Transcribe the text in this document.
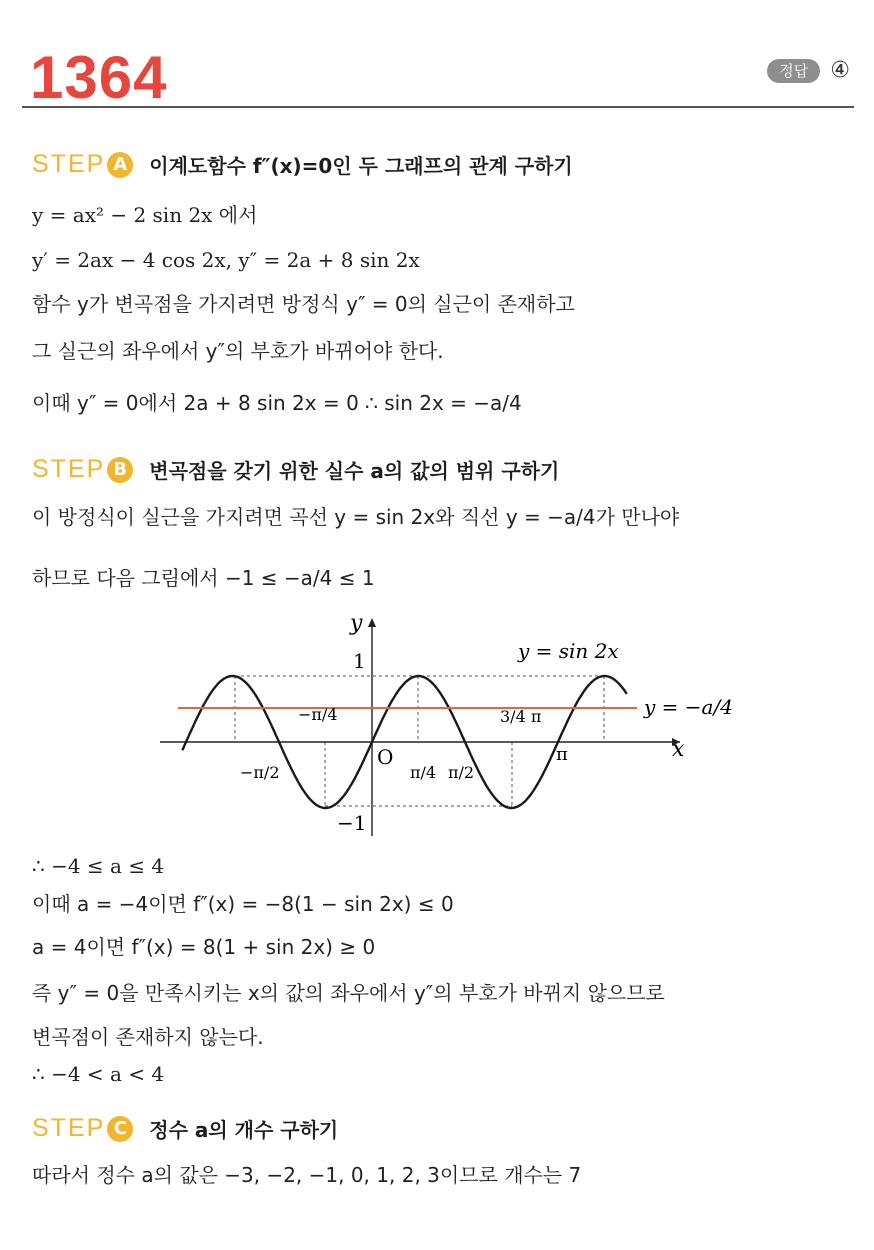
1364	정답	④
STEP A	이계도함수 f″(x)=0인 두 그래프의 관계 구하기
y = ax² − 2 sin 2x 에서
y′ = 2ax − 4 cos 2x, y″ = 2a + 8 sin 2x
함수 y가 변곡점을 가지려면 방정식 y″ = 0의 실근이 존재하고
그 실근의 좌우에서 y″의 부호가 바뀌어야 한다.
이때 y″ = 0에서 2a + 8 sin 2x = 0 ∴ sin 2x = −a/4
STEP B	변곡점을 갖기 위한 실수 a의 값의 범위 구하기
이 방정식이 실근을 가지려면 곡선 y = sin 2x와 직선 y = −a/4가 만나야
하므로 다음 그림에서 −1 ≤ −a/4 ≤ 1
y
x
1
−1
O
y = sin 2x
y = −a/4
−π/2
−π/4
π/4 π/2
3/4 π
π
∴ −4 ≤ a ≤ 4
이때 a = −4이면 f″(x) = −8(1 − sin 2x) ≤ 0
a = 4이면 f″(x) = 8(1 + sin 2x) ≥ 0
즉 y″ = 0을 만족시키는 x의 값의 좌우에서 y″의 부호가 바뀌지 않으므로
변곡점이 존재하지 않는다.
∴ −4 < a < 4
STEP C	정수 a의 개수 구하기
따라서 정수 a의 값은 −3, −2, −1, 0, 1, 2, 3이므로 개수는 7
